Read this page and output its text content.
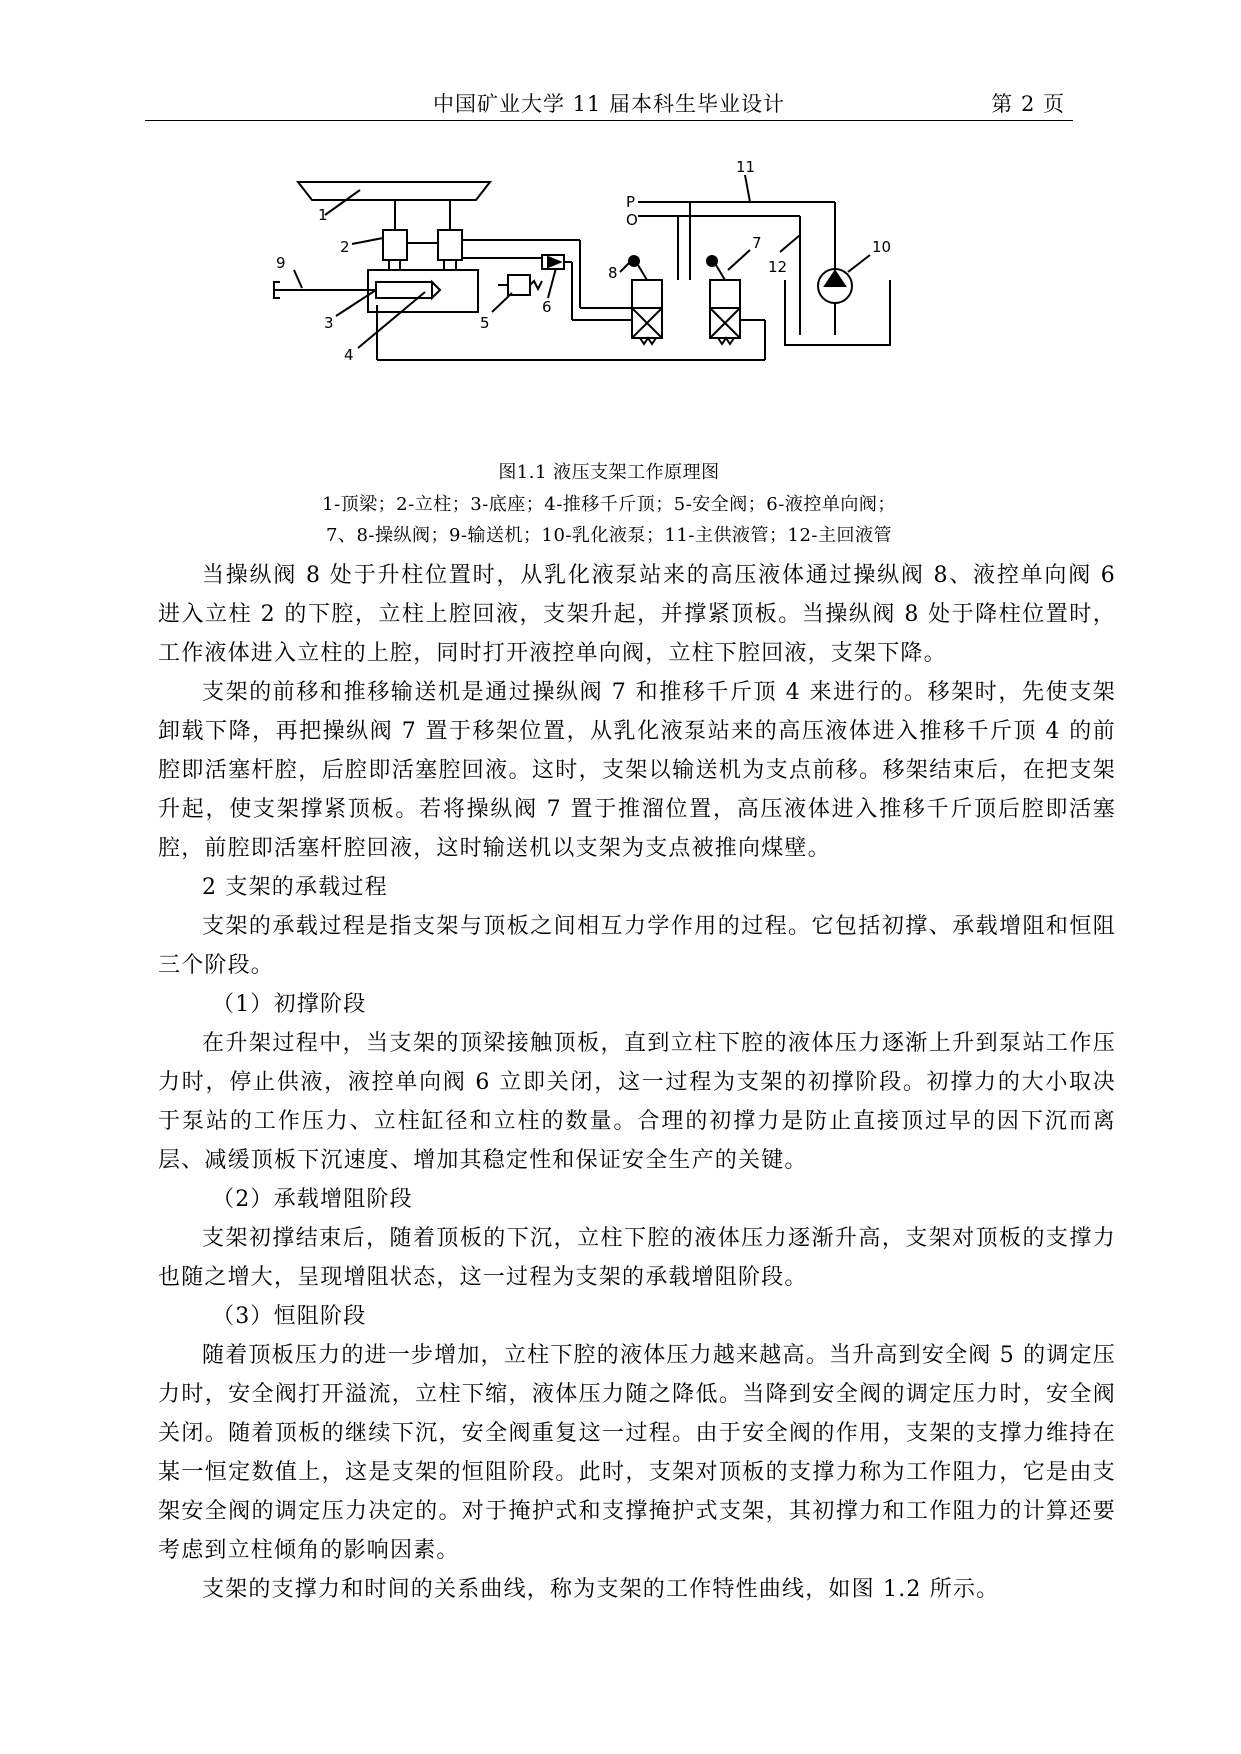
中国矿业大学 11 届本科生毕业设计	第 2 页
1
2
3
4
5
6
7
8
9
10
11
12
P
O
图1.1 液压支架工作原理图
1-顶梁；2-立柱；3-底座；4-推移千斤顶；5-安全阀；6-液控单向阀；
7、8-操纵阀；9-输送机；10-乳化液泵；11-主供液管；12-主回液管

当操纵阀 8 处于升柱位置时，从乳化液泵站来的高压液体通过操纵阀 8、液控单向阀 6 进入立柱 2 的下腔，立柱上腔回液，支架升起，并撑紧顶板。当操纵阀 8 处于降柱位置时，工作液体进入立柱的上腔，同时打开液控单向阀，立柱下腔回液，支架下降。

支架的前移和推移输送机是通过操纵阀 7 和推移千斤顶 4 来进行的。移架时，先使支架卸载下降，再把操纵阀 7 置于移架位置，从乳化液泵站来的高压液体进入推移千斤顶 4 的前腔即活塞杆腔，后腔即活塞腔回液。这时，支架以输送机为支点前移。移架结束后，在把支架升起，使支架撑紧顶板。若将操纵阀 7 置于推溜位置，高压液体进入推移千斤顶后腔即活塞腔，前腔即活塞杆腔回液，这时输送机以支架为支点被推向煤壁。

2 支架的承载过程

支架的承载过程是指支架与顶板之间相互力学作用的过程。它包括初撑、承载增阻和恒阻三个阶段。

（1）初撑阶段

在升架过程中，当支架的顶梁接触顶板，直到立柱下腔的液体压力逐渐上升到泵站工作压力时，停止供液，液控单向阀 6 立即关闭，这一过程为支架的初撑阶段。初撑力的大小取决于泵站的工作压力、立柱缸径和立柱的数量。合理的初撑力是防止直接顶过早的因下沉而离层、减缓顶板下沉速度、增加其稳定性和保证安全生产的关键。

（2）承载增阻阶段

支架初撑结束后，随着顶板的下沉，立柱下腔的液体压力逐渐升高，支架对顶板的支撑力也随之增大，呈现增阻状态，这一过程为支架的承载增阻阶段。

（3）恒阻阶段

随着顶板压力的进一步增加，立柱下腔的液体压力越来越高。当升高到安全阀 5 的调定压力时，安全阀打开溢流，立柱下缩，液体压力随之降低。当降到安全阀的调定压力时，安全阀关闭。随着顶板的继续下沉，安全阀重复这一过程。由于安全阀的作用，支架的支撑力维持在某一恒定数值上，这是支架的恒阻阶段。此时，支架对顶板的支撑力称为工作阻力，它是由支架安全阀的调定压力决定的。对于掩护式和支撑掩护式支架，其初撑力和工作阻力的计算还要考虑到立柱倾角的影响因素。

支架的支撑力和时间的关系曲线，称为支架的工作特性曲线，如图 1.2 所示。
